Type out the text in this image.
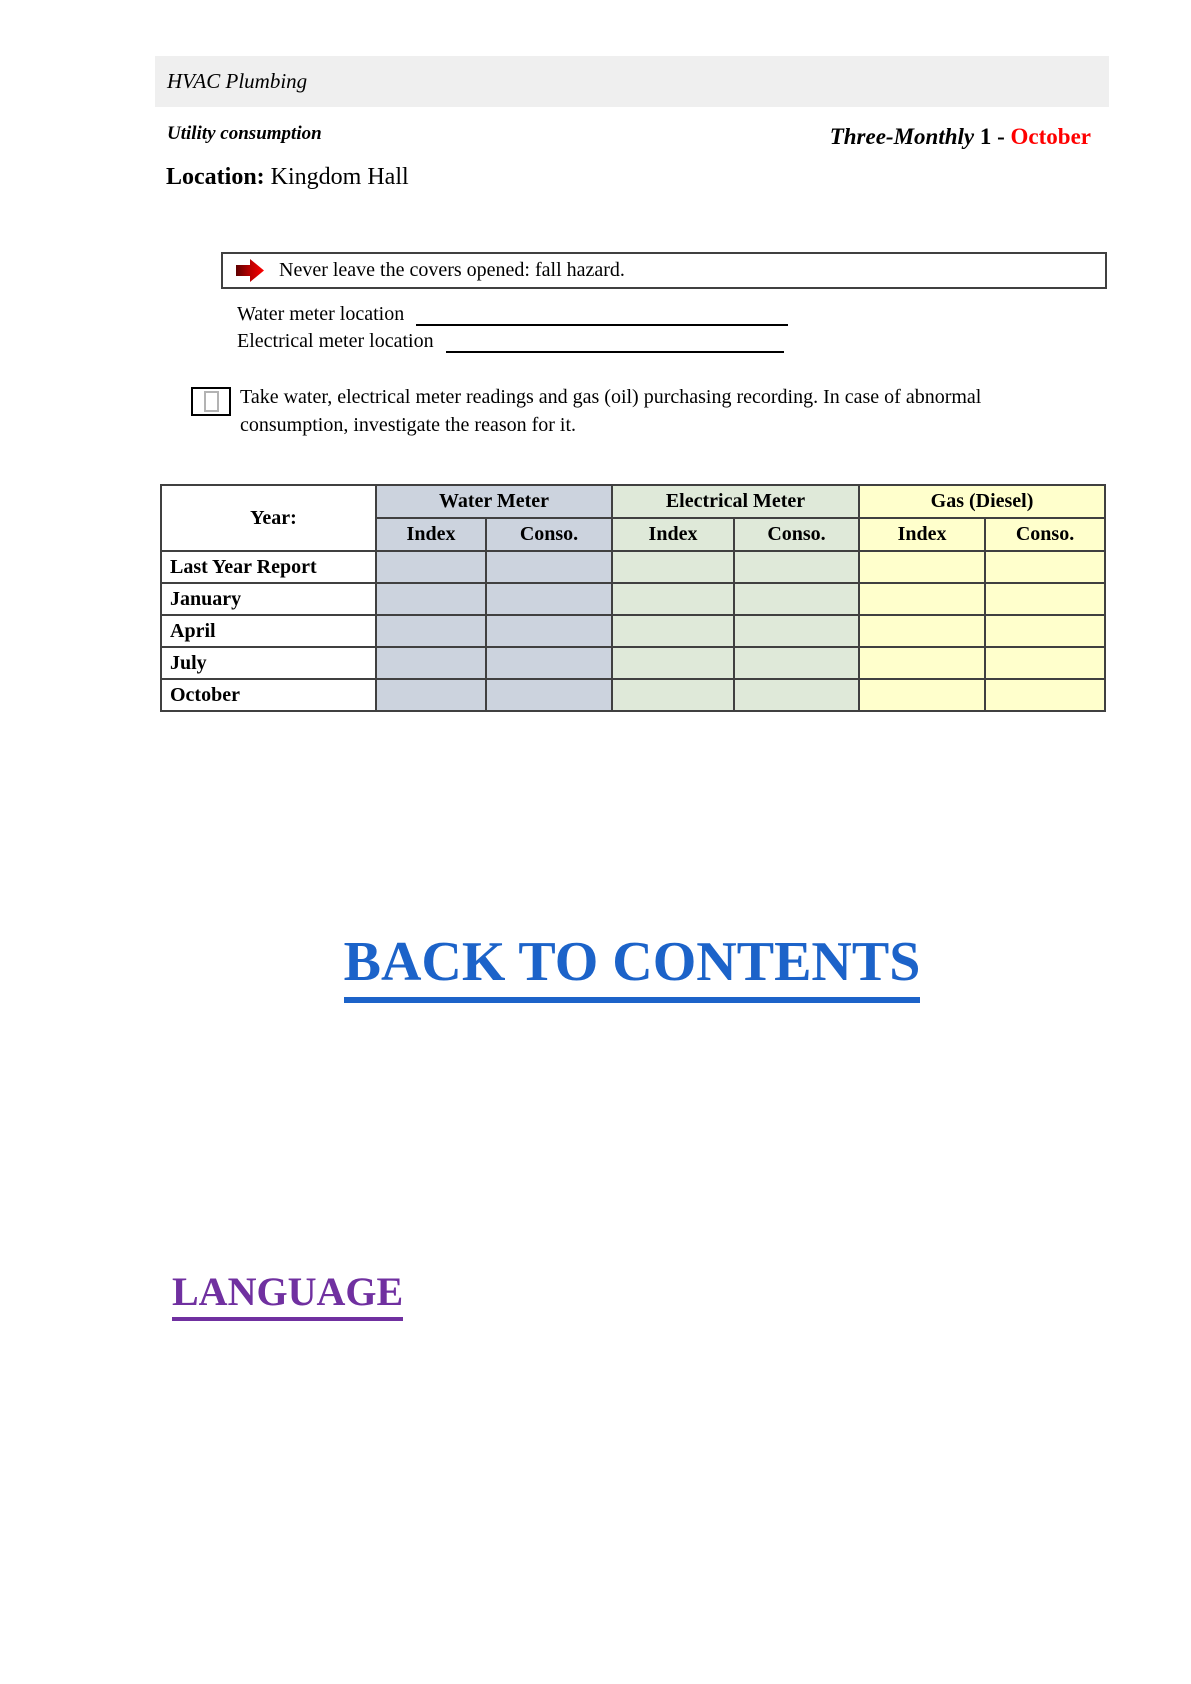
HVAC Plumbing
Utility consumption	Three-Monthly 1 - October
Location: Kingdom Hall
Never leave the covers opened: fall hazard.
Water meter location
Electrical meter location
Take water, electrical meter readings and gas (oil) purchasing recording. In case of abnormal consumption, investigate the reason for it.
Year:	Water Meter		Electrical Meter		Gas (Diesel)	
	Index	Conso.	Index	Conso.	Index	Conso.
Last Year Report						
January						
April						
July						
October						
BACK TO CONTENTS
LANGUAGE
